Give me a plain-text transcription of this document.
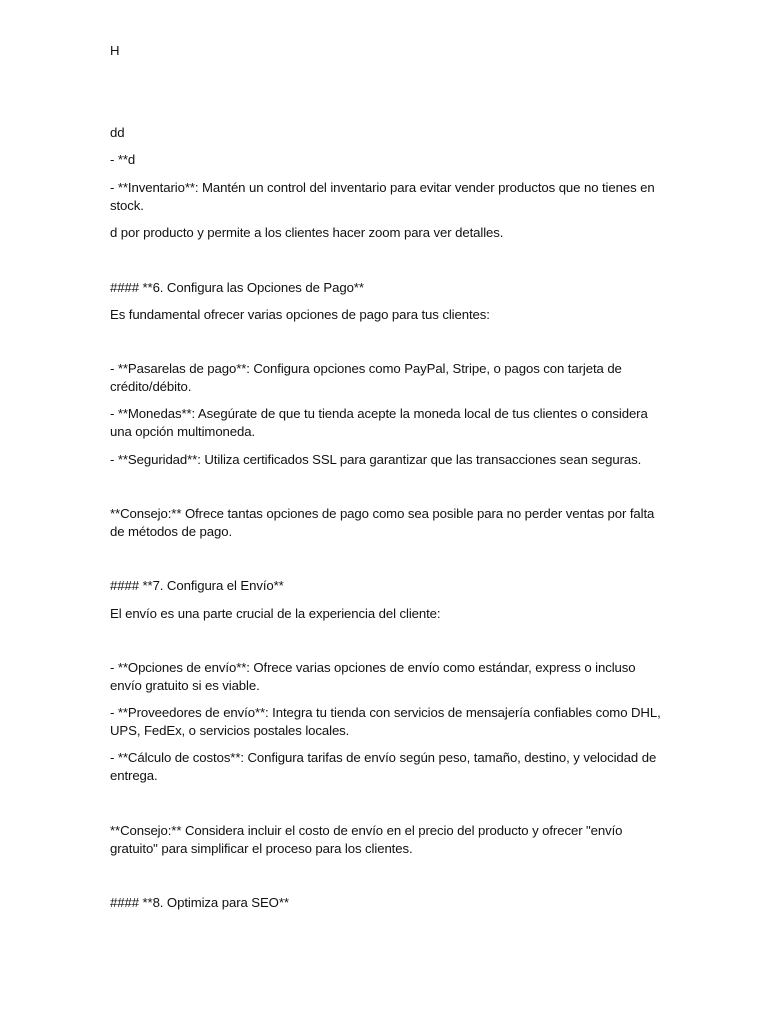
H
dd
- **d
- **Inventario**: Mantén un control del inventario para evitar vender productos que no tienes en stock.
d por producto y permite a los clientes hacer zoom para ver detalles.
#### **6. Configura las Opciones de Pago**
Es fundamental ofrecer varias opciones de pago para tus clientes:
- **Pasarelas de pago**: Configura opciones como PayPal, Stripe, o pagos con tarjeta de crédito/débito.
- **Monedas**: Asegúrate de que tu tienda acepte la moneda local de tus clientes o considera una opción multimoneda.
- **Seguridad**: Utiliza certificados SSL para garantizar que las transacciones sean seguras.
**Consejo:** Ofrece tantas opciones de pago como sea posible para no perder ventas por falta de métodos de pago.
#### **7. Configura el Envío**
El envío es una parte crucial de la experiencia del cliente:
- **Opciones de envío**: Ofrece varias opciones de envío como estándar, express o incluso envío gratuito si es viable.
- **Proveedores de envío**: Integra tu tienda con servicios de mensajería confiables como DHL, UPS, FedEx, o servicios postales locales.
- **Cálculo de costos**: Configura tarifas de envío según peso, tamaño, destino, y velocidad de entrega.
**Consejo:** Considera incluir el costo de envío en el precio del producto y ofrecer "envío gratuito" para simplificar el proceso para los clientes.
#### **8. Optimiza para SEO**
